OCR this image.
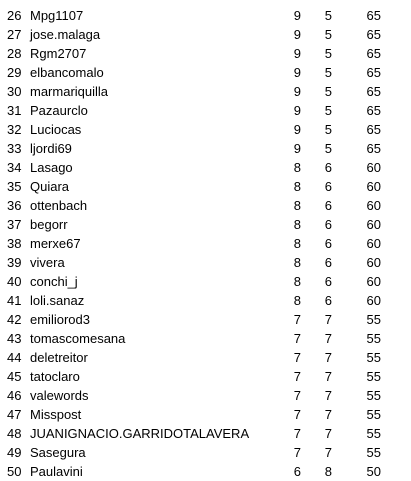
26 Mpg1107	9	5	65
27 jose.malaga	9	5	65
28 Rgm2707	9	5	65
29 elbancomalo	9	5	65
30 marmariquilla	9	5	65
31 Pazaurclo	9	5	65
32 Luciocas	9	5	65
33 ljordi69	9	5	65
34 Lasago	8	6	60
35 Quiara	8	6	60
36 ottenbach	8	6	60
37 begorr	8	6	60
38 merxe67	8	6	60
39 vivera	8	6	60
40 conchi_j	8	6	60
41 loli.sanaz	8	6	60
42 emiliorod3	7	7	55
43 tomascomesana	7	7	55
44 deletreitor	7	7	55
45 tatoclaro	7	7	55
46 valewords	7	7	55
47 Misspost	7	7	55
48 JUANIGNACIO.GARRIDOTALAVERA	7	7	55
49 Sasegura	7	7	55
50 Paulavini	6	8	50
